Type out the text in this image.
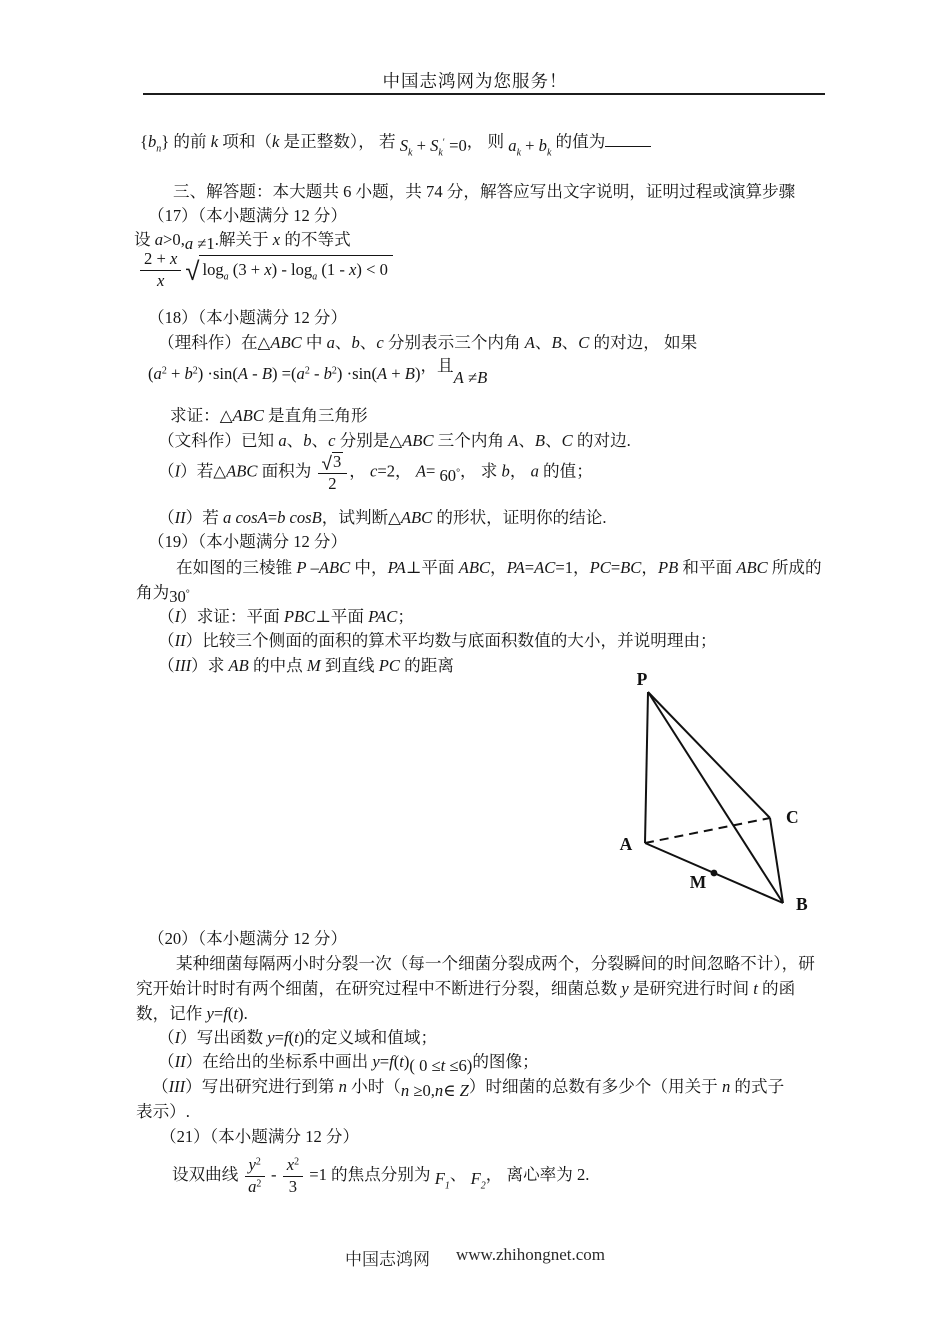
中国志鸿网为您服务！
$\{b_n\}$ 的前 k 项和（k 是正整数）， 若 $S_k + S_k' =0$， 则 $a_k + b_k$ 的值为
三、解答题：本大题共 6 小题，共 74 分，解答应写出文字说明，证明过程或演算步骤
（17）（本小题满分 12 分）
设 a>0,a ≠1.解关于 x 的不等式
$\frac{2 + x}{x}$ √ $\log_a (3 + x) - \log_a (1 - x) < 0$
（18）（本小题满分 12 分）
（理科作）在△ABC 中 a、b、c 分别表示三个内角 A、B、C 的对边， 如果
$(a^2 + b^2) \cdot\sin(A - B) =(a^2 - b^2) \cdot\sin(A + B)$，且A ≠B
求证：△ABC 是直角三角形
（文科作）已知 a、b、c 分别是△ABC 三个内角 A、B、C 的对边.
（I）若△ABC 面积为 $\frac{√ 3}{2}$ ， c=2， A= 60°， 求 b， a 的值；
（II）若 a cosA=b cosB，试判断△ABC 的形状，证明你的结论.
（19）（本小题满分 12 分）
在如图的三棱锥 P –ABC 中，PA⊥平面 ABC，PA=AC=1，PC=BC，PB 和平面 ABC 所成的
角为30°
（I）求证：平面 PBC⊥平面 PAC；
（II）比较三个侧面的面积的算术平均数与底面积数值的大小，并说明理由；
（III）求 AB 的中点 M 到直线 PC 的距离
P
A
C
B
M
（20）（本小题满分 12 分）
某种细菌每隔两小时分裂一次（每一个细菌分裂成两个，分裂瞬间的时间忽略不计），研
究开始计时时有两个细菌，在研究过程中不断进行分裂，细菌总数 y 是研究进行时间 t 的函
数，记作 y=f(t).
（I）写出函数 y=f(t)的定义域和值域；
（II）在给出的坐标系中画出 y=f(t)( 0 ≤t ≤6)的图像；
（III）写出研究进行到第 n 小时（n ≥0,n∈ Z）时细菌的总数有多少个（用关于 n 的式子
表示）.
（21）（本小题满分 12 分）
设双曲线 $\frac{y^2}{a^2} - \frac{x^2}{3} =1$ 的焦点分别为 $F_1$、 $F_2$， 离心率为 2.
中国志鸿网 www.zhihongnet.com
